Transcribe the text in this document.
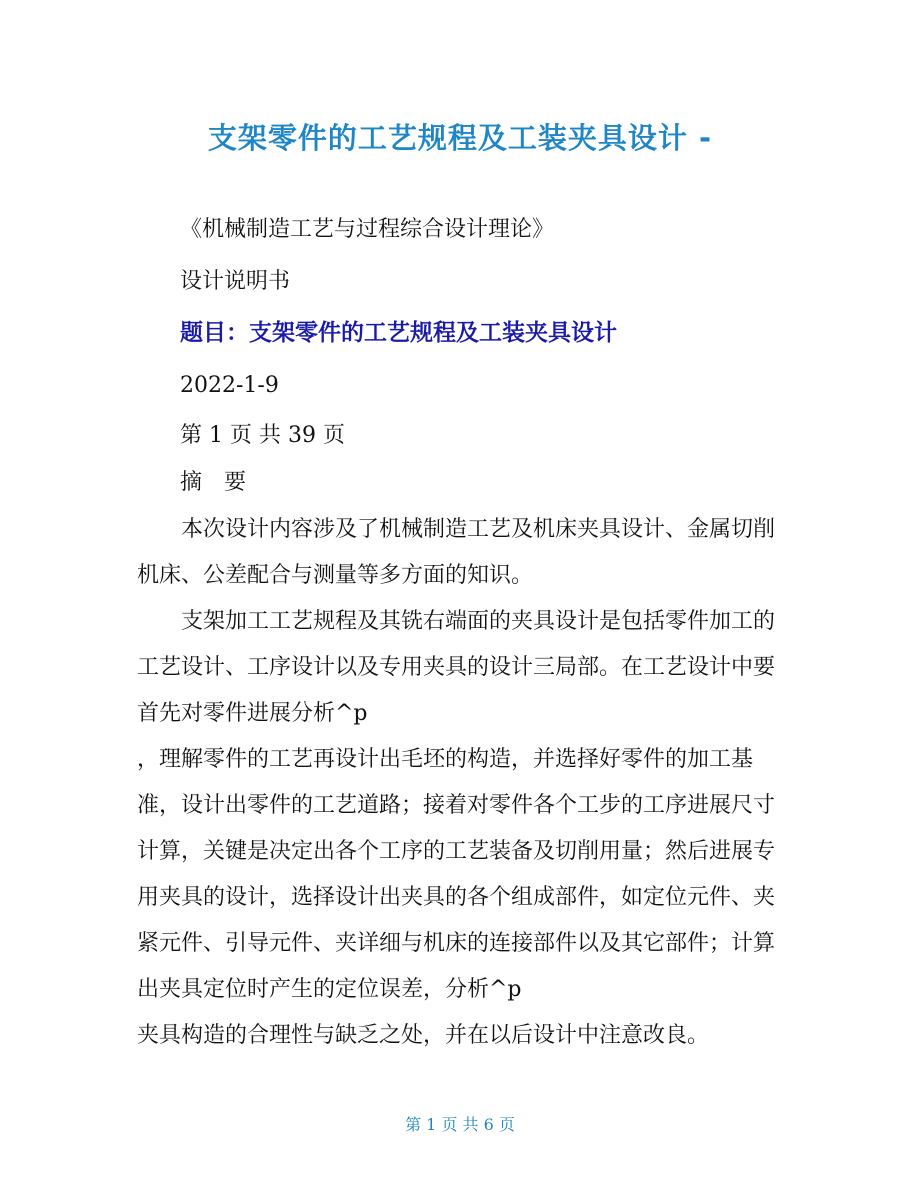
支架零件的工艺规程及工装夹具设计 -

《机械制造工艺与过程综合设计理论》

设计说明书

题目：支架零件的工艺规程及工装夹具设计

2022-1-9

第 1 页 共 39 页

摘　要

本次设计内容涉及了机械制造工艺及机床夹具设计、金属切削机床、公差配合与测量等多方面的知识。

支架加工工艺规程及其铣右端面的夹具设计是包括零件加工的工艺设计、工序设计以及专用夹具的设计三局部。在工艺设计中要首先对零件进展分析^p

，理解零件的工艺再设计出毛坯的构造，并选择好零件的加工基准，设计出零件的工艺道路；接着对零件各个工步的工序进展尺寸计算，关键是决定出各个工序的工艺装备及切削用量；然后进展专用夹具的设计，选择设计出夹具的各个组成部件，如定位元件、夹紧元件、引导元件、夹详细与机床的连接部件以及其它部件；计算出夹具定位时产生的定位误差，分析^p

夹具构造的合理性与缺乏之处，并在以后设计中注意改良。

第 1 页 共 6 页
